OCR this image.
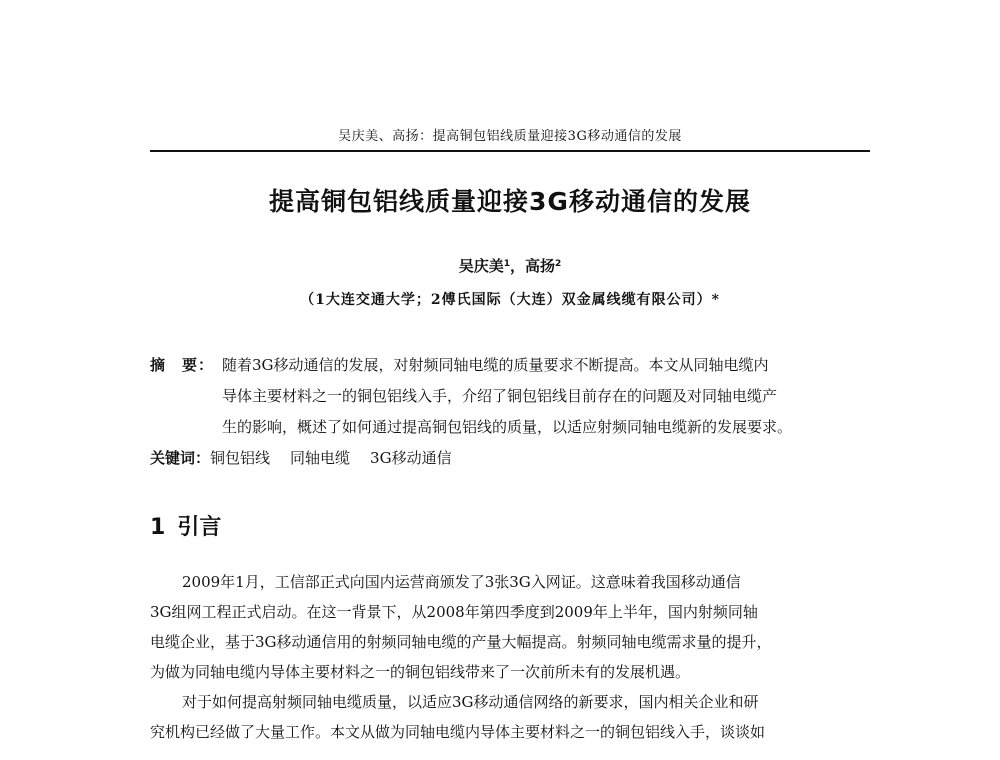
吴庆美、高扬：提高铜包铝线质量迎接3G移动通信的发展
提高铜包铝线质量迎接3G移动通信的发展
吴庆美$^1$，高扬$^2$
（1大连交通大学；2傅氏国际（大连）双金属线缆有限公司）*
摘　要： 随着3G移动通信的发展，对射频同轴电缆的质量要求不断提高。本文从同轴电缆内

导体主要材料之一的铜包铝线入手，介绍了铜包铝线目前存在的问题及对同轴电缆产

生的影响，概述了如何通过提高铜包铝线的质量，以适应射频同轴电缆新的发展要求。

关键词： 铜包铝线 同轴电缆 3G移动通信
1 引言
2009年1月，工信部正式向国内运营商颁发了3张3G入网证。这意味着我国移动通信
3G组网工程正式启动。在这一背景下，从2008年第四季度到2009年上半年，国内射频同轴
电缆企业，基于3G移动通信用的射频同轴电缆的产量大幅提高。射频同轴电缆需求量的提升，
为做为同轴电缆内导体主要材料之一的铜包铝线带来了一次前所未有的发展机遇。
对于如何提高射频同轴电缆质量，以适应3G移动通信网络的新要求，国内相关企业和研
究机构已经做了大量工作。本文从做为同轴电缆内导体主要材料之一的铜包铝线入手，谈谈如
